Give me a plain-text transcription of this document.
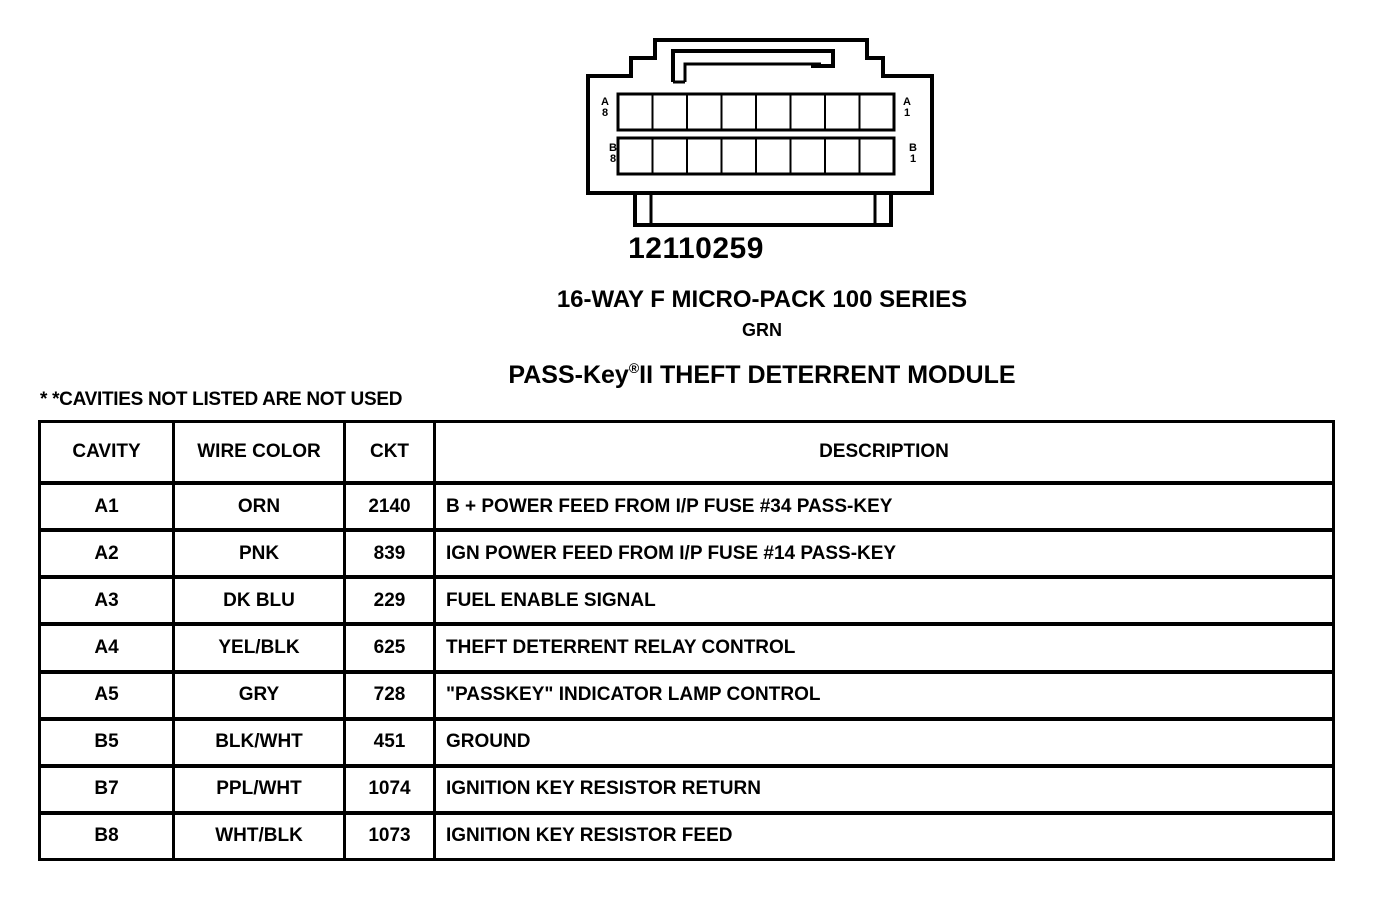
A
8
A
1
B
8
B
1
12110259
16-WAY F MICRO-PACK 100 SERIES
GRN
PASS-Key®II THEFT DETERRENT MODULE
* *CAVITIES NOT LISTED ARE NOT USED
CAVITY	WIRE COLOR	CKT	DESCRIPTION
A1	ORN	2140	B + POWER FEED FROM I/P FUSE #34 PASS-KEY
A2	PNK	839	IGN POWER FEED FROM I/P FUSE #14 PASS-KEY
A3	DK BLU	229	FUEL ENABLE SIGNAL
A4	YEL/BLK	625	THEFT DETERRENT RELAY CONTROL
A5	GRY	728	"PASSKEY" INDICATOR LAMP CONTROL
B5	BLK/WHT	451	GROUND
B7	PPL/WHT	1074	IGNITION KEY RESISTOR RETURN
B8	WHT/BLK	1073	IGNITION KEY RESISTOR FEED
